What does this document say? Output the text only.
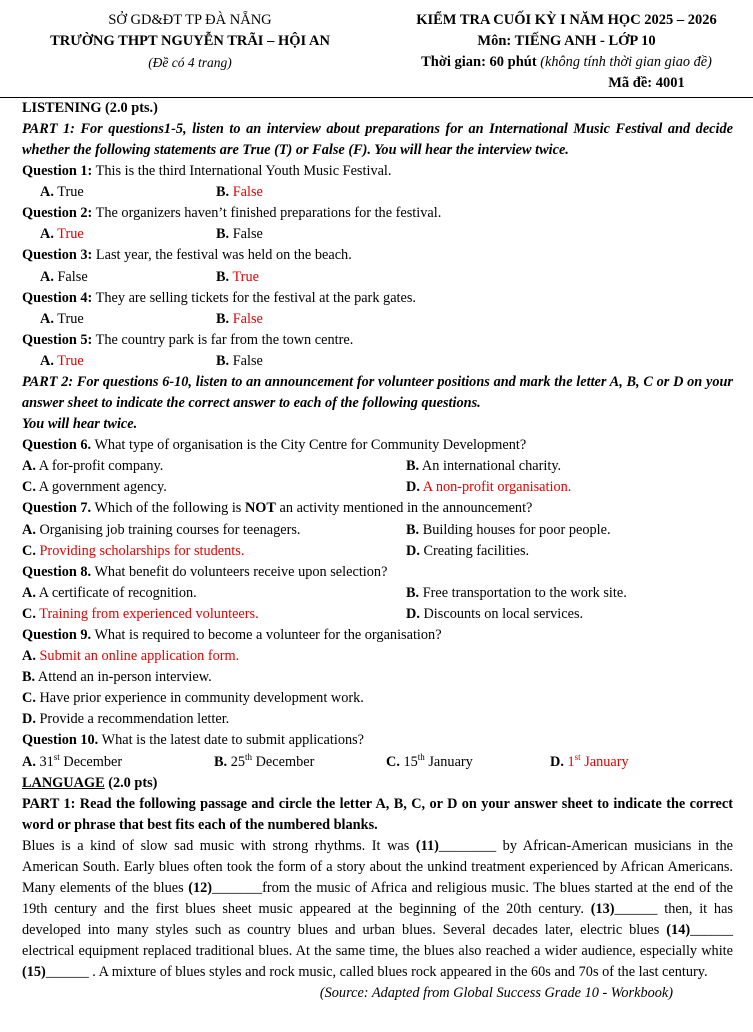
SỞ GD&ĐT TP ĐÀ NẴNG
TRƯỜNG THPT NGUYỄN TRÃI – HỘI AN
(Đề có 4 trang)
KIỂM TRA CUỐI KỲ I NĂM HỌC 2025 – 2026
Môn: TIẾNG ANH - LỚP 10
Thời gian: 60 phút (không tính thời gian giao đề)
Mã đề: 4001
LISTENING (2.0 pts.)
PART 1: For questions1-5, listen to an interview about preparations for an International Music Festival and decide whether the following statements are True (T) or False (F). You will hear the interview twice.
Question 1: This is the third International Youth Music Festival.
A. True	B. False
Question 2: The organizers haven’t finished preparations for the festival.
A. True	B. False
Question 3: Last year, the festival was held on the beach.
A. False	B. True
Question 4: They are selling tickets for the festival at the park gates.
A. True	B. False
Question 5: The country park is far from the town centre.
A. True	B. False
PART 2: For questions 6-10, listen to an announcement for volunteer positions and mark the letter A, B, C or D on your answer sheet to indicate the correct answer to each of the following questions.
You will hear twice.
Question 6. What type of organisation is the City Centre for Community Development?
A. A for-profit company.	B. An international charity.
C. A government agency.	D. A non-profit organisation.
Question 7. Which of the following is NOT an activity mentioned in the announcement?
A. Organising job training courses for teenagers.	B. Building houses for poor people.
C. Providing scholarships for students.	D. Creating facilities.
Question 8. What benefit do volunteers receive upon selection?
A. A certificate of recognition.	B. Free transportation to the work site.
C. Training from experienced volunteers.	D. Discounts on local services.
Question 9. What is required to become a volunteer for the organisation?
A. Submit an online application form.
B. Attend an in-person interview.
C. Have prior experience in community development work.
D. Provide a recommendation letter.
Question 10. What is the latest date to submit applications?
A. 31st December	B. 25th December	C. 15th January	D. 1st January
LANGUAGE (2.0 pts)
PART 1: Read the following passage and circle the letter A, B, C, or D on your answer sheet to indicate the correct word or phrase that best fits each of the numbered blanks.
Blues is a kind of slow sad music with strong rhythms. It was (11)________ by African-American musicians in the American South. Early blues often took the form of a story about the unkind treatment experienced by African Americans. Many elements of the blues (12)_______from the music of Africa and religious music. The blues started at the end of the 19th century and the first blues sheet music appeared at the beginning of the 20th century. (13)______ then, it has developed into many styles such as country blues and urban blues. Several decades later, electric blues (14)______ electrical equipment replaced traditional blues. At the same time, the blues also reached a wider audience, especially white (15)______ . A mixture of blues styles and rock music, called blues rock appeared in the 60s and 70s of the last century.
(Source: Adapted from Global Success Grade 10 - Workbook)
